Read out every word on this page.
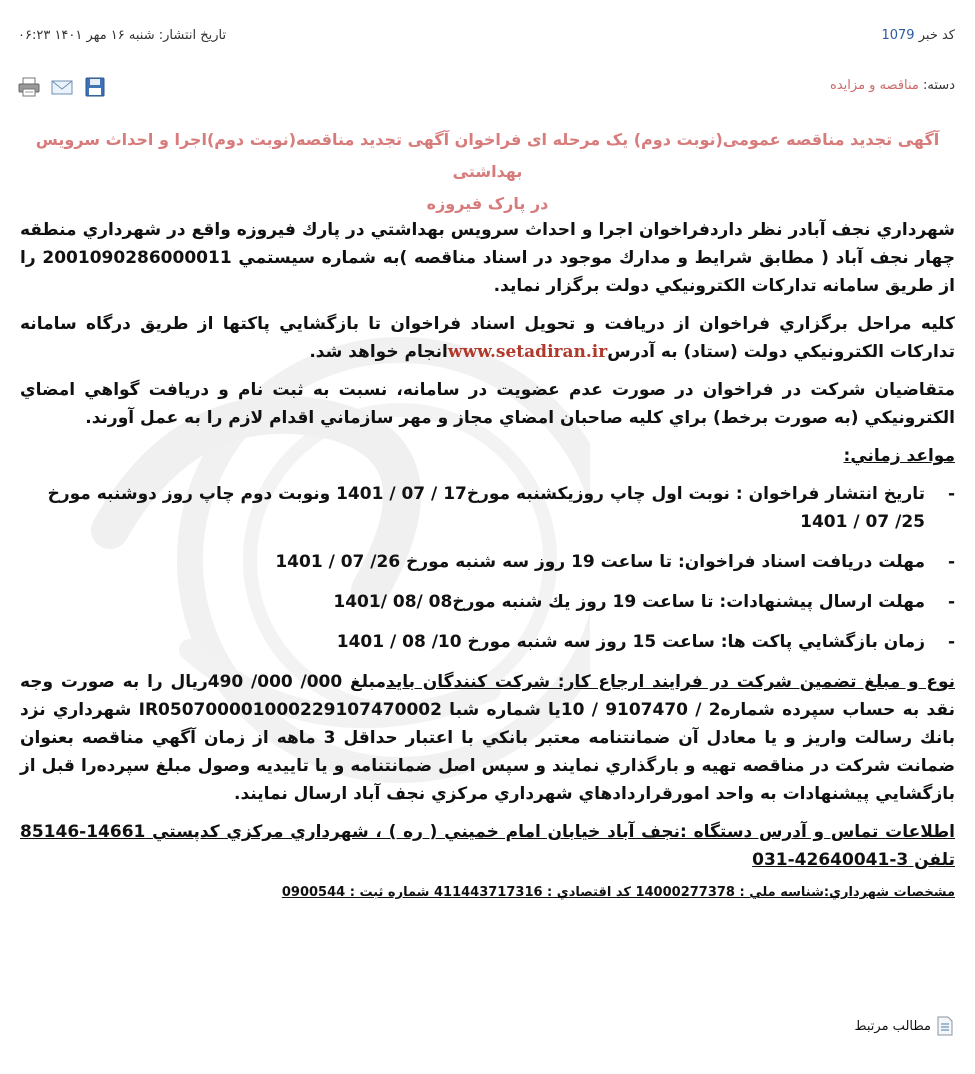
کد خبر 1079
تاریخ انتشار: شنبه ۱۶ مهر ۱۴۰۱ ۰۶:۲۳

دسته: مناقصه و مزایده
آگهی تجدید مناقصه عمومی(نوبت دوم) یک مرحله ای فراخوان آگهی تجدید مناقصه(نوبت دوم)اجرا و احداث سرویس بهداشتی
در پارک فیروزه

شهرداري نجف آبادر نظر داردفراخوان اجرا و احداث سرويس بهداشتي در پارك فيروزه واقع در شهرداري منطقه چهار نجف آباد ( مطابق شرايط و مدارك موجود در اسناد مناقصه )به شماره سيستمي 2001090286000011 را از طريق سامانه تداركات الكترونيكي دولت برگزار نمايد.

كليه مراحل برگزاري فراخوان از دريافت و تحويل اسناد فراخوان تا بازگشايي پاكتها از طريق درگاه سامانه تداركات الكترونيكي دولت (ستاد) به آدرسwww.setadiran.irانجام خواهد شد.

متقاضيان شركت در فراخوان در صورت عدم عضويت در سامانه، نسبت به ثبت نام و دريافت گواهي امضاي الكترونيكي (به صورت برخط) براي كليه صاحبان امضاي مجاز و مهر سازماني اقدام لازم را به عمل آورند.

مواعد زماني:
-
تاريخ انتشار فراخوان : نوبت اول چاپ روزيكشنبه مورخ17 / 07 / 1401 ونوبت دوم چاپ روز دوشنبه مورخ 25/ 07 / 1401
-
مهلت دريافت اسناد فراخوان: تا ساعت 19 روز سه شنبه مورخ 26/ 07 / 1401
-
مهلت ارسال پيشنهادات: تا ساعت 19 روز يك شنبه مورخ08 /08 /1401
-
زمان بازگشايي پاكت ها: ساعت 15 روز سه شنبه مورخ 10/ 08 / 1401

نوع و مبلغ تضمين شركت در فرايند ارجاع كار: شركت كنندگان بايدمبلغ 000/ 000/ 490ريال را به صورت وجه نقد به حساب سپرده شماره2 / 9107470 / 10يا شماره شبا IR050700001000229107470002 شهرداري نزد بانك رسالت واريز و يا معادل آن ضمانتنامه معتبر بانكي با اعتبار حداقل 3 ماهه از زمان آگهي مناقصه بعنوان ضمانت شركت در مناقصه تهيه و بارگذاري نمايند و سپس اصل ضمانتنامه و يا تاييديه وصول مبلغ سپرده‌را قبل از بازگشايي پيشنهادات به واحد امورقراردادهاي شهرداري مركزي نجف آباد ارسال نمايند.

اطلاعات تماس و آدرس دستگاه :نجف آباد خيابان امام خميني ( ره ) ، شهرداري مركزي كدپستي 14661-85146 تلفن 3-42640041-031

مشخصات شهرداري:شناسه ملي : 14000277378 كد اقتصادي : 411443717316 شماره ثبت : 0900544
مطالب مرتبط
